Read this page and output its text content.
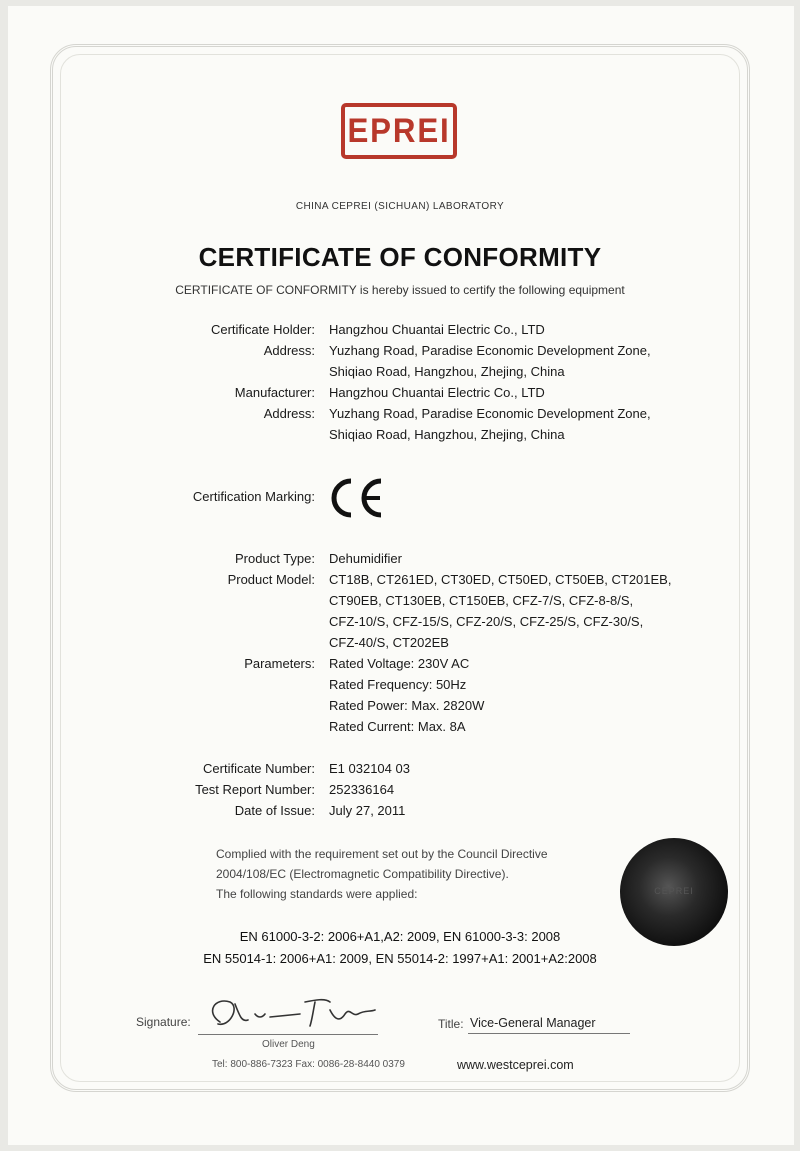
EPREI
CHINA CEPREI (SICHUAN) LABORATORY
CERTIFICATE OF CONFORMITY
CERTIFICATE OF CONFORMITY is hereby issued to certify the following equipment
Certificate Holder: Hangzhou Chuantai Electric Co., LTD
Address: Yuzhang Road, Paradise Economic Development Zone,
Shiqiao Road, Hangzhou, Zhejing, China
Manufacturer: Hangzhou Chuantai Electric Co., LTD
Address: Yuzhang Road, Paradise Economic Development Zone,
Shiqiao Road, Hangzhou, Zhejing, China
Certification Marking:
Product Type: Dehumidifier
Product Model: CT18B, CT261ED, CT30ED, CT50ED, CT50EB, CT201EB,
CT90EB, CT130EB, CT150EB, CFZ-7/S, CFZ-8-8/S,
CFZ-10/S, CFZ-15/S, CFZ-20/S, CFZ-25/S, CFZ-30/S,
CFZ-40/S, CT202EB
Parameters: Rated Voltage: 230V AC
Rated Frequency: 50Hz
Rated Power: Max. 2820W
Rated Current: Max. 8A
Certificate Number: E1 032104 03
Test Report Number: 252336164
Date of Issue: July 27, 2011
Complied with the requirement set out by the Council Directive
2004/108/EC (Electromagnetic Compatibility Directive).
The following standards were applied:	CEPREI
EN 61000-3-2: 2006+A1,A2: 2009, EN 61000-3-3: 2008
EN 55014-1: 2006+A1: 2009, EN 55014-2: 1997+A1: 2001+A2:2008
Signature:
Oliver Deng
Title: Vice-General Manager
Tel: 800-886-7323 Fax: 0086-28-8440 0379	www.westceprei.com
